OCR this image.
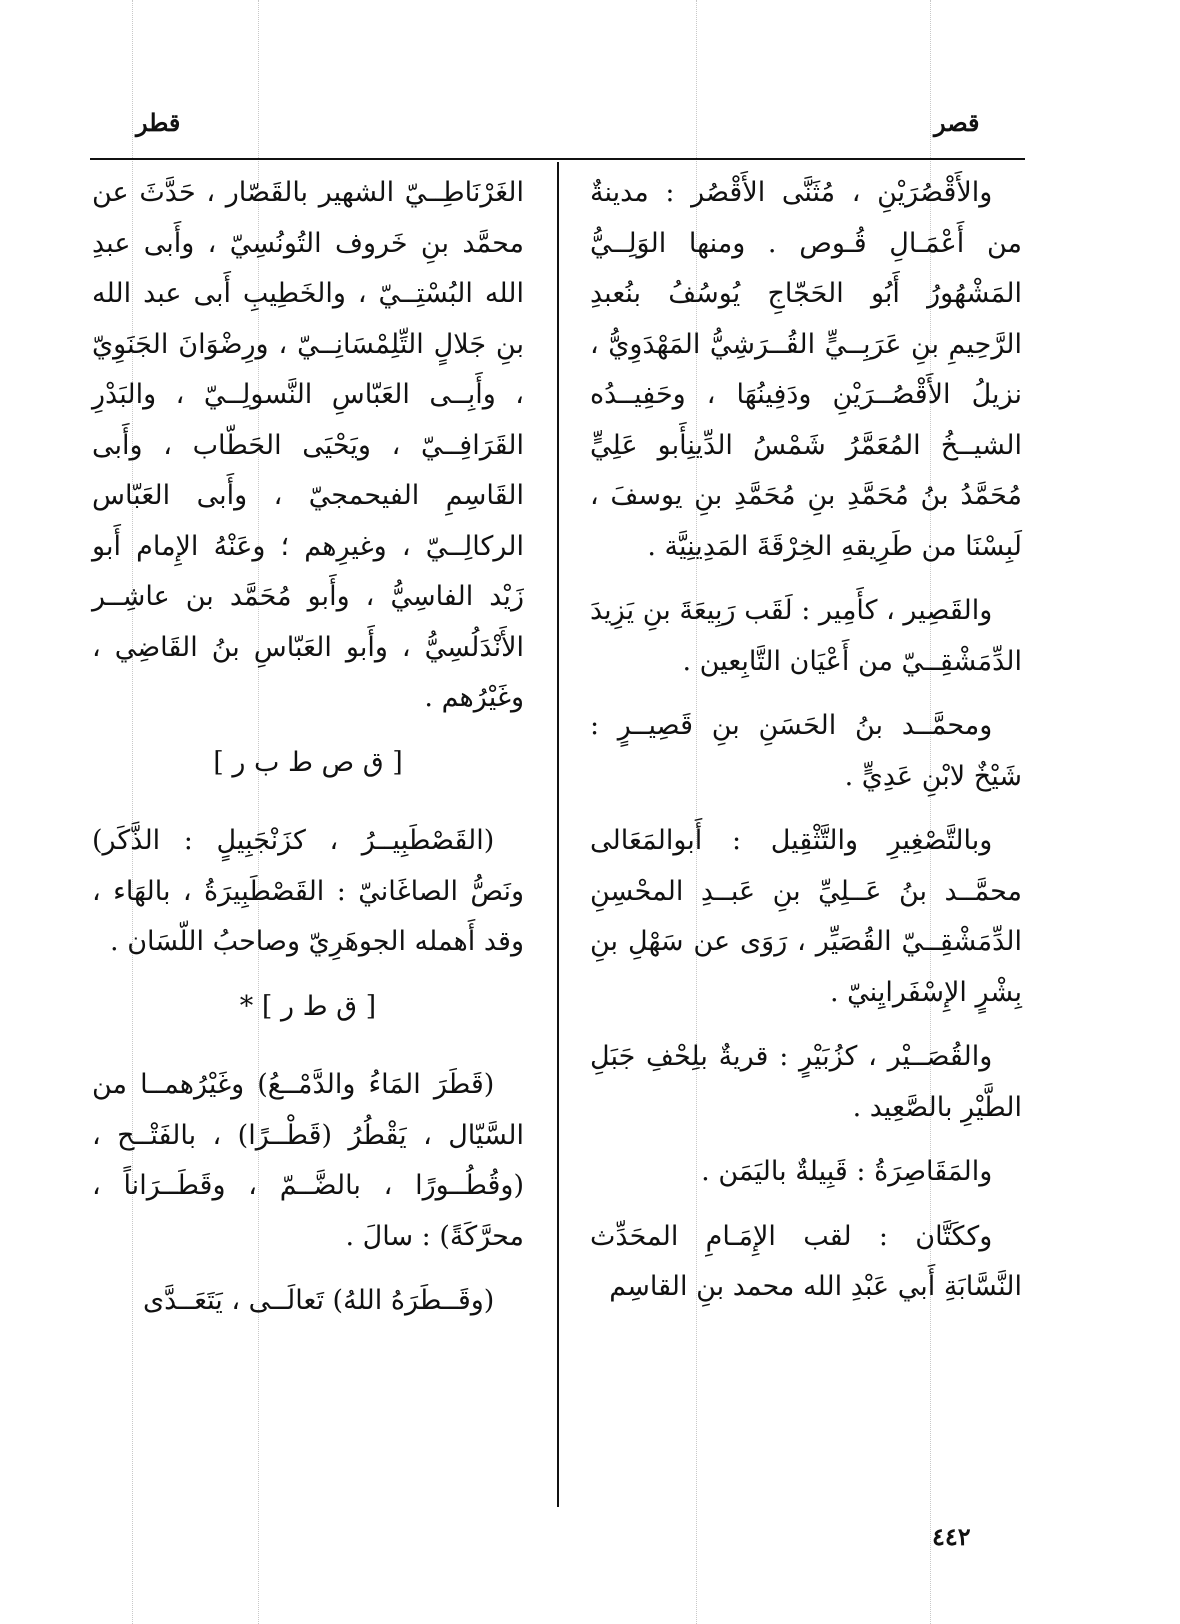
قصر
قطر

والأَقْصُرَيْنِ ، مُثَنَّى الأَقْصُر : مدينةٌ من أَعْمَـالِ قُـوص . ومنها الوَلِــيُّ المَشْهُورُ أَبُو الحَجّاجِ يُوسُفُ بنُعبدِ الرَّحِيمِ بنِ عَرَبِــيٍّ القُــرَشِيُّ المَهْدَوِيُّ ، نزيلُ الأَقْصُــرَيْنِ ودَفِينُهَا ، وحَفِيــدُه الشيــخُ المُعَمَّرُ شَمْسُ الدِّينِأَبو عَلِيٍّ مُحَمَّدُ بنُ مُحَمَّدِ بنِ مُحَمَّدِ بنِ يوسفَ ، لَبِسْنَا من طَرِيقهِ الخِرْقَةَ المَدِينِيَّة .

والقَصِير ، كأَمِير : لَقَب رَبِيعَةَ بنِ يَزِيدَ الدِّمَشْقِــيّ من أَعْيَان التَّابِعين .

ومحمَّــد بنُ الحَسَنِ بنِ قَصِيــرٍ : شَيْخٌ لابْنِ عَدِيٍّ .

وبالتَّصْغِيرِ والتَّثْقِيل : أَبوالمَعَالى محمَّــد بنُ عَــلِيِّ بنِ عَبــدِ المحْسِنِ الدِّمَشْقِــيّ القُصَيِّر ، رَوَى عن سَهْلِ بنِ بِشْرٍ الإِسْفَرايِنيّ .

والقُصَــيْر ، كزُبَيْرٍ : قريةٌ بلِحْفِ جَبَلِ الطَّيْرِ بالصَّعِيد .

والمَقَاصِرَةُ : قَبِيلةٌ باليَمَن .

وككَتَّان : لقب الإِمَـامِ المحَدِّث النَّسَّابَةِ أَبي عَبْدِ الله محمد بنِ القاسِم

الغَرْنَاطِــيّ الشهير بالقَصّار ، حَدَّثَ عن محمَّد بنِ خَروف التُونُسِيّ ، وأَبى عبدِ الله البُسْتِــيّ ، والخَطِيبِ أَبى عبد الله بنِ جَلالٍ التِّلِمْسَانِــيّ ، ورِضْوَانَ الجَنَوِيّ ، وأَبِــى العَبّاسِ النَّسولِــيّ ، والبَدْرِ القَرَافِــيّ ، ويَحْيَى الحَطّاب ، وأَبى القَاسِمِ الفيحمجيّ ، وأَبى العَبّاس الركالِــيّ ، وغيرِهم ؛ وعَنْهُ الإِمام أَبو زَيْد الفاسِيُّ ، وأَبو مُحَمَّد بن عاشِــر الأَنْدَلُسِيُّ ، وأَبو العَبّاسِ بنُ القَاضِي ، وغَيْرُهم .

[ ق ص ط ب ر ]

(القَصْطَبِيــرُ ، كزَنْجَبِيلٍ : الذَّكَر) ونَصُّ الصاغَانيّ : القَصْطَبِيرَةُ ، بالهَاء ، وقد أَهمله الجوهَرِيّ وصاحبُ اللّسَان .

[ ق ط ر ] *

(قَطَرَ المَاءُ والدَّمْــعُ) وغَيْرُهمــا من السَّيّال ، يَقْطُرُ (قَطْــرًا) ، بالفَتْــح ، (وقُطُــورًا ، بالضَّــمّ ، وقَطَــرَاناً ، محرَّكَةً) : سالَ .

(وقَــطَرَهُ اللهُ) تَعالَــى ، يَتَعَــدَّى

٤٤٢
